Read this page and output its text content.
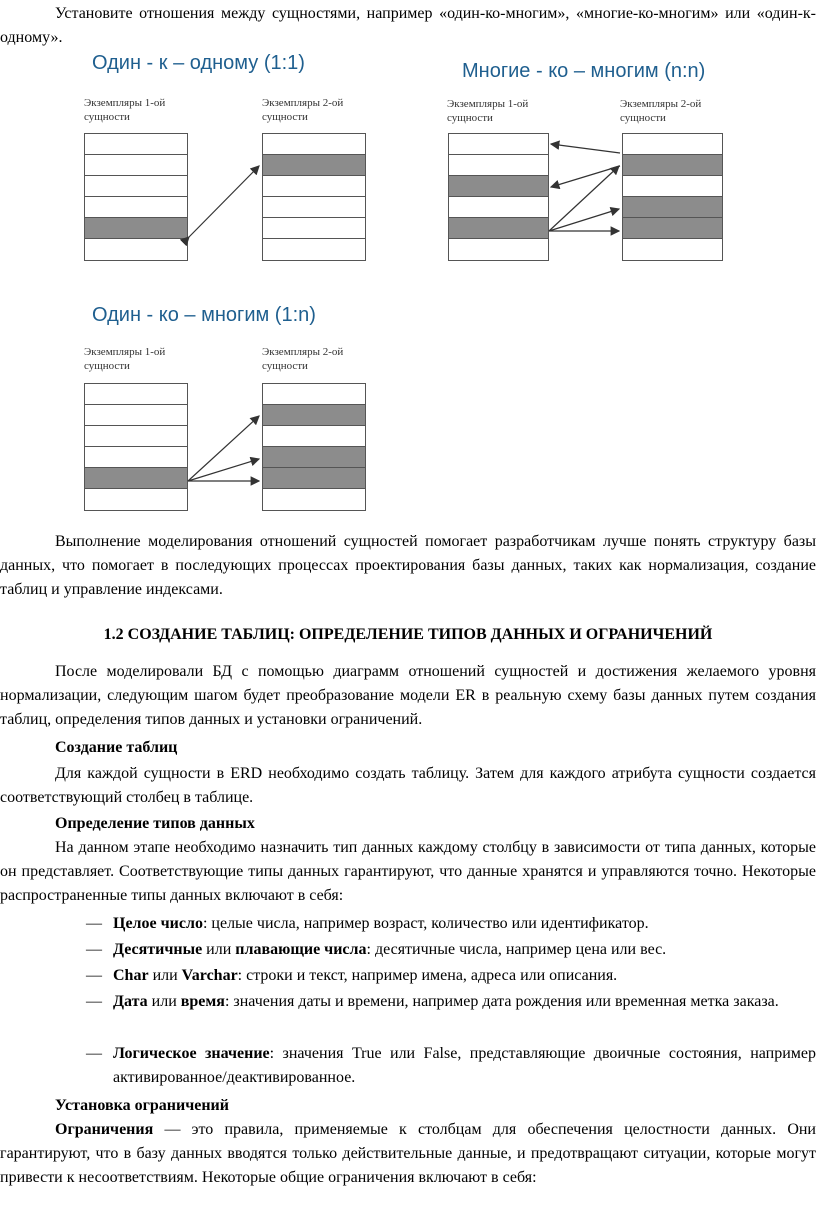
Установите отношения между сущностями, например «один-ко-многим», «многие-ко-многим» или «один-к-одному».

Один - к – одному (1:1)
Экземпляры 1-ой сущности
Экземпляры 2-ой сущности
Многие - ко – многим (n:n)
Экземпляры 1-ой сущности
Экземпляры 2-ой сущности
Один - ко – многим (1:n)
Экземпляры 1-ой сущности
Экземпляры 2-ой сущности

Выполнение моделирования отношений сущностей помогает разработчикам лучше понять структуру базы данных, что помогает в последующих процессах проектирования базы данных, таких как нормализация, создание таблиц и управление индексами.

1.2 СОЗДАНИЕ ТАБЛИЦ: ОПРЕДЕЛЕНИЕ ТИПОВ ДАННЫХ И ОГРАНИЧЕНИЙ

После моделировали БД с помощью диаграмм отношений сущностей и достижения желаемого уровня нормализации, следующим шагом будет преобразование модели ER в реальную схему базы данных путем создания таблиц, определения типов данных и установки ограничений.

Создание таблиц

Для каждой сущности в ERD необходимо создать таблицу. Затем для каждого атрибута сущности создается соответствующий столбец в таблице.

Определение типов данных

На данном этапе необходимо назначить тип данных каждому столбцу в зависимости от типа данных, которые он представляет. Соответствующие типы данных гарантируют, что данные хранятся и управляются точно. Некоторые распространенные типы данных включают в себя:

— Целое число: целые числа, например возраст, количество или идентификатор.
— Десятичные или плавающие числа: десятичные числа, например цена или вес.
— Char или Varchar: строки и текст, например имена, адреса или описания.
— Дата или время: значения даты и времени, например дата рождения или временная метка заказа.
— Логическое значение: значения True или False, представляющие двоичные состояния, например активированное/деактивированное.
Установка ограничений

Ограничения — это правила, применяемые к столбцам для обеспечения целостности данных. Они гарантируют, что в базу данных вводятся только действительные данные, и предотвращают ситуации, которые могут привести к несоответствиям. Некоторые общие ограничения включают в себя:
